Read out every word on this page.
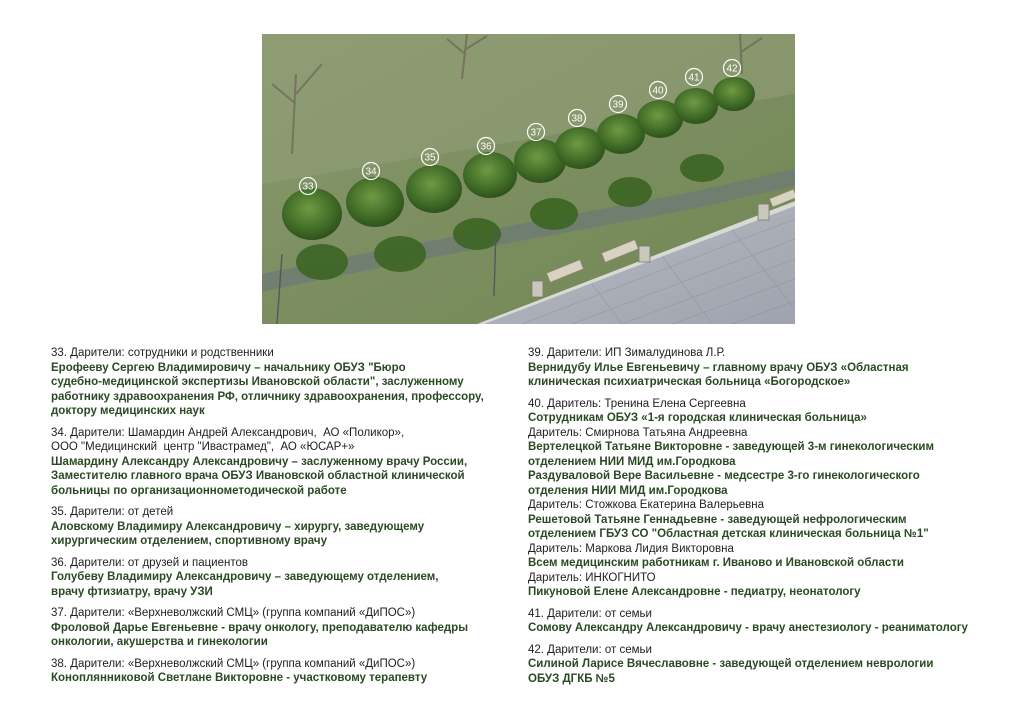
33
34
35
36
37
38
39
40
41
42
33. Дарители: сотрудники и родственники
Ерофееву Сергею Владимировичу – начальнику ОБУЗ "Бюро
судебно-медицинской экспертизы Ивановской области", заслуженному
работнику здравоохранения РФ, отличнику здравоохранения, профессору,
доктору медицинских наук
34. Дарители: Шамардин Андрей Александрович,  АО «Поликор»,
ООО "Медицинский  центр "Ивастрамед",  АО «ЮСАР+»
Шамардину Александру Александровичу – заслуженному врачу России,
Заместителю главного врача ОБУЗ Ивановской областной клинической
больницы по организационнометодической работе
35. Дарители: от детей
Аловскому Владимиру Александровичу – хирургу, заведующему
хирургическим отделением, спортивному врачу
36. Дарители: от друзей и пациентов
Голубеву Владимиру Александровичу – заведующему отделением,
врачу фтизиатру, врачу УЗИ
37. Дарители: «Верхневолжский СМЦ» (группа компаний «ДиПОС»)
Фроловой Дарье Евгеньевне - врачу онкологу, преподавателю кафедры
онкологии, акушерства и гинекологии
38. Дарители: «Верхневолжский СМЦ» (группа компаний «ДиПОС»)
Коноплянниковой Светлане Викторовне - участковому терапевту
39. Дарители: ИП Зималудинова Л.Р.
Вернидубу Илье Евгеньевичу – главному врачу ОБУЗ «Областная
клиническая психиатрическая больница «Богородское»
40. Даритель: Тренина Елена Сергеевна
Сотрудникам ОБУЗ «1-я городская клиническая больница»
Даритель: Смирнова Татьяна Андреевна
Вертелецкой Татьяне Викторовне - заведующей 3-м гинекологическим
отделением НИИ МИД им.Городкова
Раздуваловой Вере Васильевне - медсестре 3-го гинекологического
отделения НИИ МИД им.Городкова
Даритель: Стожкова Екатерина Валерьевна
Решетовой Татьяне Геннадьевне - заведующей нефрологическим
отделением ГБУЗ СО "Областная детская клиническая больница №1"
Даритель: Маркова Лидия Викторовна
Всем медицинским работникам г. Иваново и Ивановской области
Даритель: ИНКОГНИТО
Пикуновой Елене Александровне - педиатру, неонатологу
41. Дарители: от семьи
Сомову Александру Александровичу - врачу анестезиологу - реаниматологу
42. Дарители: от семьи
Силиной Ларисе Вячеславовне - заведующей отделением неврологии
ОБУЗ ДГКБ №5
